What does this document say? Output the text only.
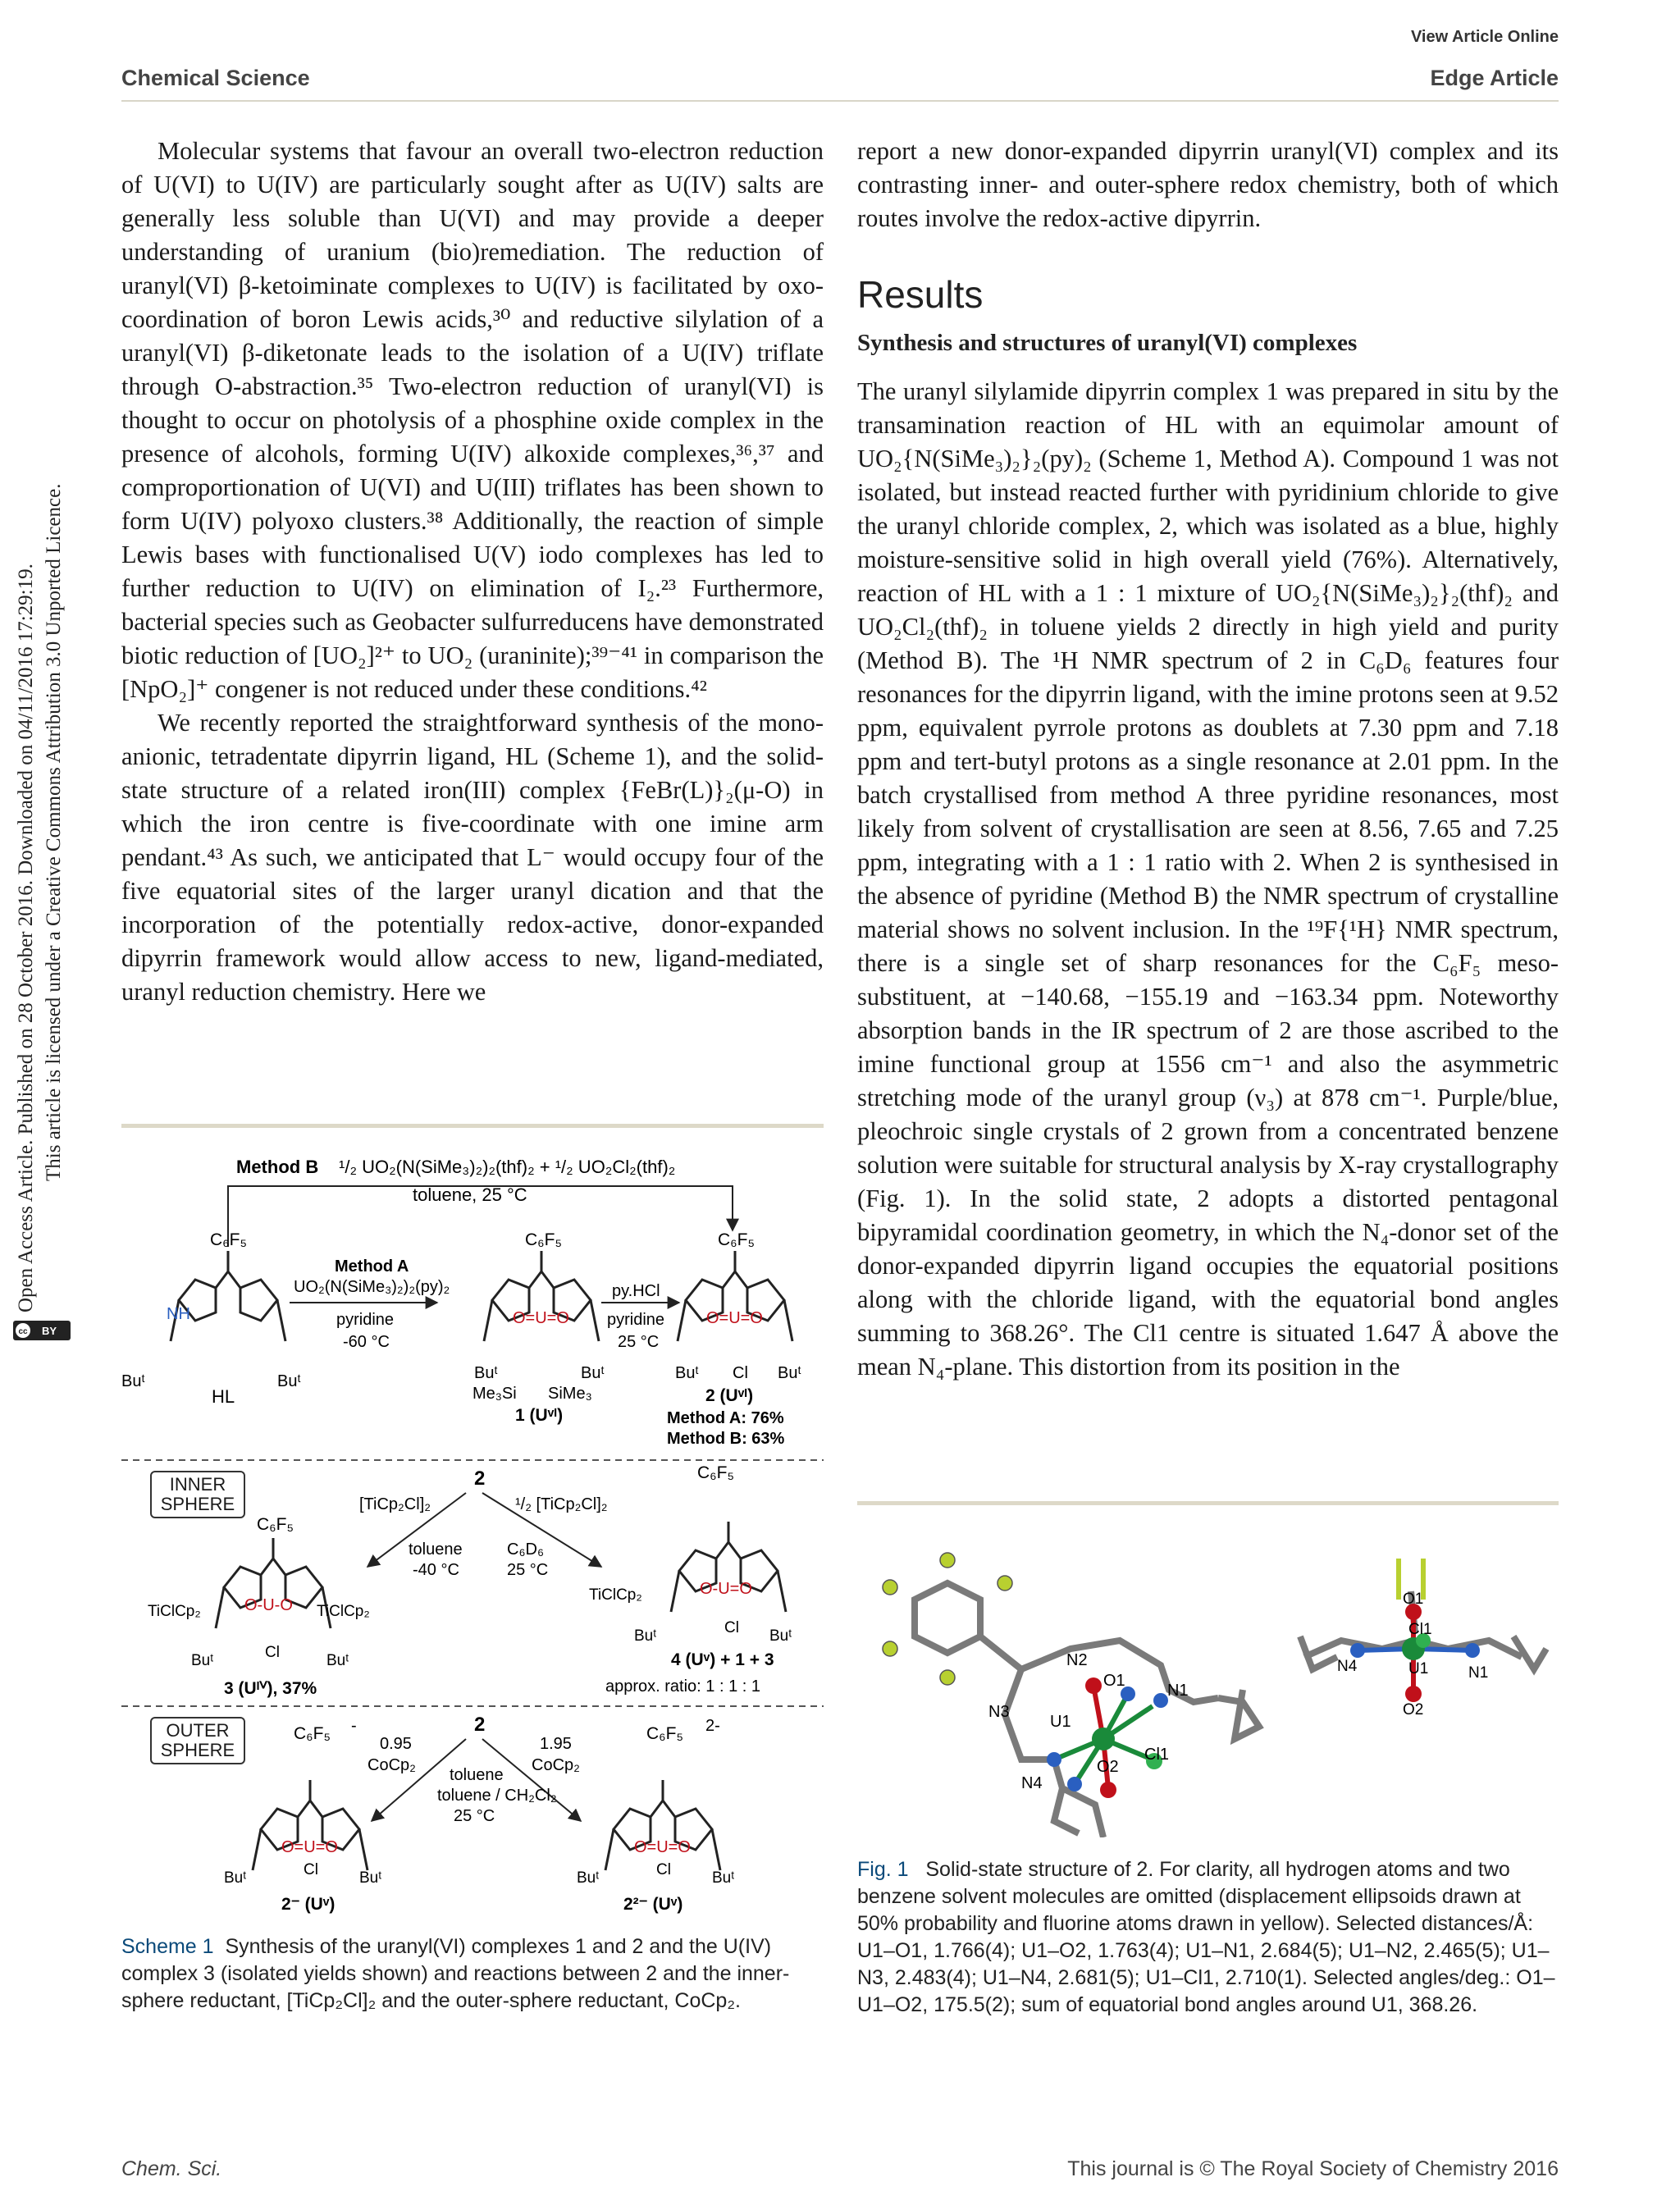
View Article Online
Chemical Science	Edge Article
Open Access Article. Published on 28 October 2016. Downloaded on 04/11/2016 17:29:19. This article is licensed under a Creative Commons Attribution 3.0 Unported Licence.
cc BY

Molecular systems that favour an overall two-electron reduction of U(VI) to U(IV) are particularly sought after as U(IV) salts are generally less soluble than U(VI) and may provide a deeper understanding of uranium (bio)remediation. The reduction of uranyl(VI) β-ketoiminate complexes to U(IV) is facilitated by oxo-coordination of boron Lewis acids,³⁰ and reductive silylation of a uranyl(VI) β-diketonate leads to the isolation of a U(IV) triflate through O-abstraction.³⁵ Two-electron reduction of uranyl(VI) is thought to occur on photolysis of a phosphine oxide complex in the presence of alcohols, forming U(IV) alkoxide complexes,³⁶,³⁷ and comproportionation of U(VI) and U(III) triflates has been shown to form U(IV) polyoxo clusters.³⁸ Additionally, the reaction of simple Lewis bases with functionalised U(V) iodo complexes has led to further reduction to U(IV) on elimination of I₂.²³ Furthermore, bacterial species such as Geobacter sulfurreducens have demonstrated biotic reduction of [UO₂]²⁺ to UO₂ (uraninite);³⁹⁻⁴¹ in comparison the [NpO₂]⁺ congener is not reduced under these conditions.⁴²

We recently reported the straightforward synthesis of the mono-anionic, tetradentate dipyrrin ligand, HL (Scheme 1), and the solid-state structure of a related iron(III) complex {FeBr(L)}₂(μ-O) in which the iron centre is five-coordinate with one imine arm pendant.⁴³ As such, we anticipated that L⁻ would occupy four of the five equatorial sites of the larger uranyl dication and that the incorporation of the potentially redox-active, donor-expanded dipyrrin framework would allow access to new, ligand-mediated, uranyl reduction chemistry. Here we

report a new donor-expanded dipyrrin uranyl(VI) complex and its contrasting inner- and outer-sphere redox chemistry, both of which routes involve the redox-active dipyrrin.

Results
Synthesis and structures of uranyl(VI) complexes

The uranyl silylamide dipyrrin complex 1 was prepared in situ by the transamination reaction of HL with an equimolar amount of UO₂{N(SiMe₃)₂}₂(py)₂ (Scheme 1, Method A). Compound 1 was not isolated, but instead reacted further with pyridinium chloride to give the uranyl chloride complex, 2, which was isolated as a blue, highly moisture-sensitive solid in high overall yield (76%). Alternatively, reaction of HL with a 1 : 1 mixture of UO₂{N(SiMe₃)₂}₂(thf)₂ and UO₂Cl₂(thf)₂ in toluene yields 2 directly in high yield and purity (Method B). The ¹H NMR spectrum of 2 in C₆D₆ features four resonances for the dipyrrin ligand, with the imine protons seen at 9.52 ppm, equivalent pyrrole protons as doublets at 7.30 ppm and 7.18 ppm and tert-butyl protons as a single resonance at 2.01 ppm. In the batch crystallised from method A three pyridine resonances, most likely from solvent of crystallisation are seen at 8.56, 7.65 and 7.25 ppm, integrating with a 1 : 1 ratio with 2. When 2 is synthesised in the absence of pyridine (Method B) the NMR spectrum of crystalline material shows no solvent inclusion. In the ¹⁹F{¹H} NMR spectrum, there is a single set of sharp resonances for the C₆F₅ meso-substituent, at −140.68, −155.19 and −163.34 ppm. Noteworthy absorption bands in the IR spectrum of 2 are those ascribed to the imine functional group at 1556 cm⁻¹ and also the asymmetric stretching mode of the uranyl group (ν₃) at 878 cm⁻¹. Purple/blue, pleochroic single crystals of 2 grown from a concentrated benzene solution were suitable for structural analysis by X-ray crystallography (Fig. 1). In the solid state, 2 adopts a distorted pentagonal bipyramidal coordination geometry, in which the N₄-donor set of the donor-expanded dipyrrin ligand occupies the equatorial positions along with the chloride ligand, with the equatorial bond angles summing to 368.26°. The Cl1 centre is situated 1.647 Å above the mean N₄-plane. This distortion from its position in the

Method B ¹/₂ UO₂(N(SiMe₃)₂)₂(thf)₂ + ¹/₂ UO₂Cl₂(thf)₂
toluene, 25 °C
C₆F₅
NH
Buᵗ	Buᵗ
HL
Method A
UO₂(N(SiMe₃)₂)₂(py)₂
pyridine
-60 °C
C₆F₅
O=U=O
Buᵗ	Buᵗ
Me₃Si SiMe₃
1 (Uᵛᴵ)
py.HCl
pyridine
25 °C
C₆F₅
O=U=O
Buᵗ Cl Buᵗ
2 (Uᵛᴵ)
Method A: 76%
Method B: 63%
2
[TiCp₂Cl]₂	¹/₂ [TiCp₂Cl]₂
toluene
-40 °C
C₆D₆
25 °C
C₆F₅
O-U-O
TiClCp₂	TiClCp₂
Buᵗ	Cl	Buᵗ
3 (Uᴵⱽ), 37%
C₆F₅
O-U=O
TiClCp₂
Buᵗ	Cl Buᵗ
4 (Uᵛ) + 1 + 3
approx. ratio: 1 : 1 : 1
2
0.95
CoCp₂
1.95
CoCp₂
toluene
toluene / CH₂Cl₂
25 °C
C₆F₅ -
O=U=O
Buᵗ	Cl	Buᵗ
2⁻ (Uᵛ)
C₆F₅ 2-
O=U=O
Buᵗ	Cl	Buᵗ
2²⁻ (Uᵛ)
INNER SPHERE
OUTER SPHERE
Scheme 1 Synthesis of the uranyl(VI) complexes 1 and 2 and the U(IV) complex 3 (isolated yields shown) and reactions between 2 and the inner-sphere reductant, [TiCp₂Cl]₂ and the outer-sphere reductant, CoCp₂.
N2
O1
N1
N3
U1
O2
Cl1
N4
O1
Cl1
N4	U1	N1
O2
Fig. 1 Solid-state structure of 2. For clarity, all hydrogen atoms and two benzene solvent molecules are omitted (displacement ellipsoids drawn at 50% probability and fluorine atoms drawn in yellow). Selected distances/Å: U1–O1, 1.766(4); U1–O2, 1.763(4); U1–N1, 2.684(5); U1–N2, 2.465(5); U1–N3, 2.483(4); U1–N4, 2.681(5); U1–Cl1, 2.710(1). Selected angles/deg.: O1–U1–O2, 175.5(2); sum of equatorial bond angles around U1, 368.26.
Chem. Sci.	This journal is © The Royal Society of Chemistry 2016
